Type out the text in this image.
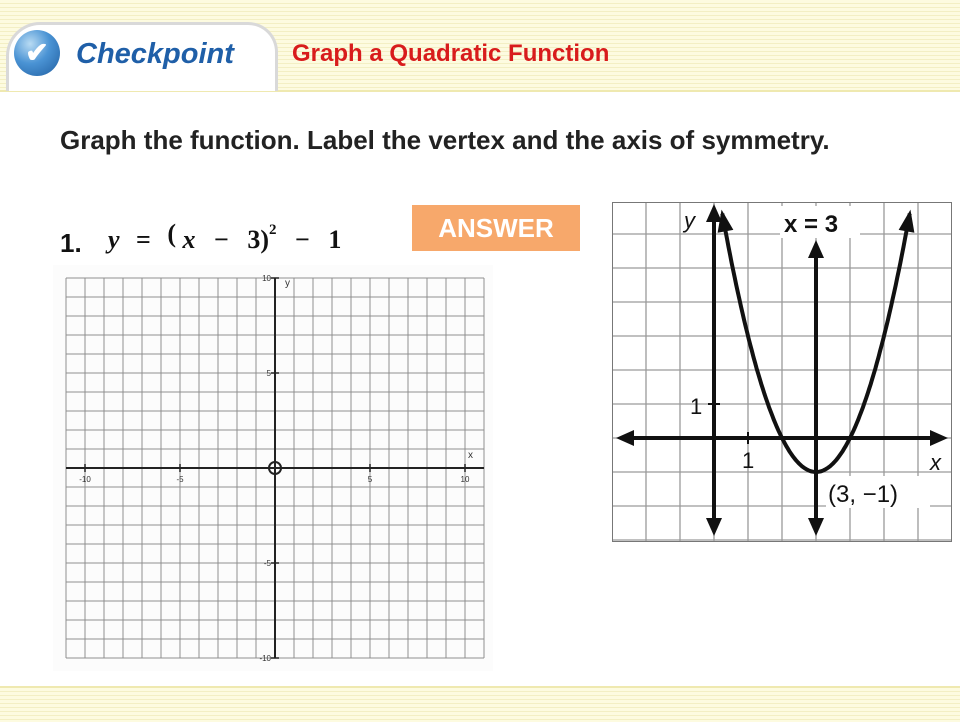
✔ Checkpoint Graph a Quadratic Function
Graph the function. Label the vertex and the axis of symmetry.
1. y = ( x − 3)$^2$ − 1	ANSWER
y
x
-10	-5	5	10
10
5
-5
-10
x = 3
(3, −1)
y
x
1
1
